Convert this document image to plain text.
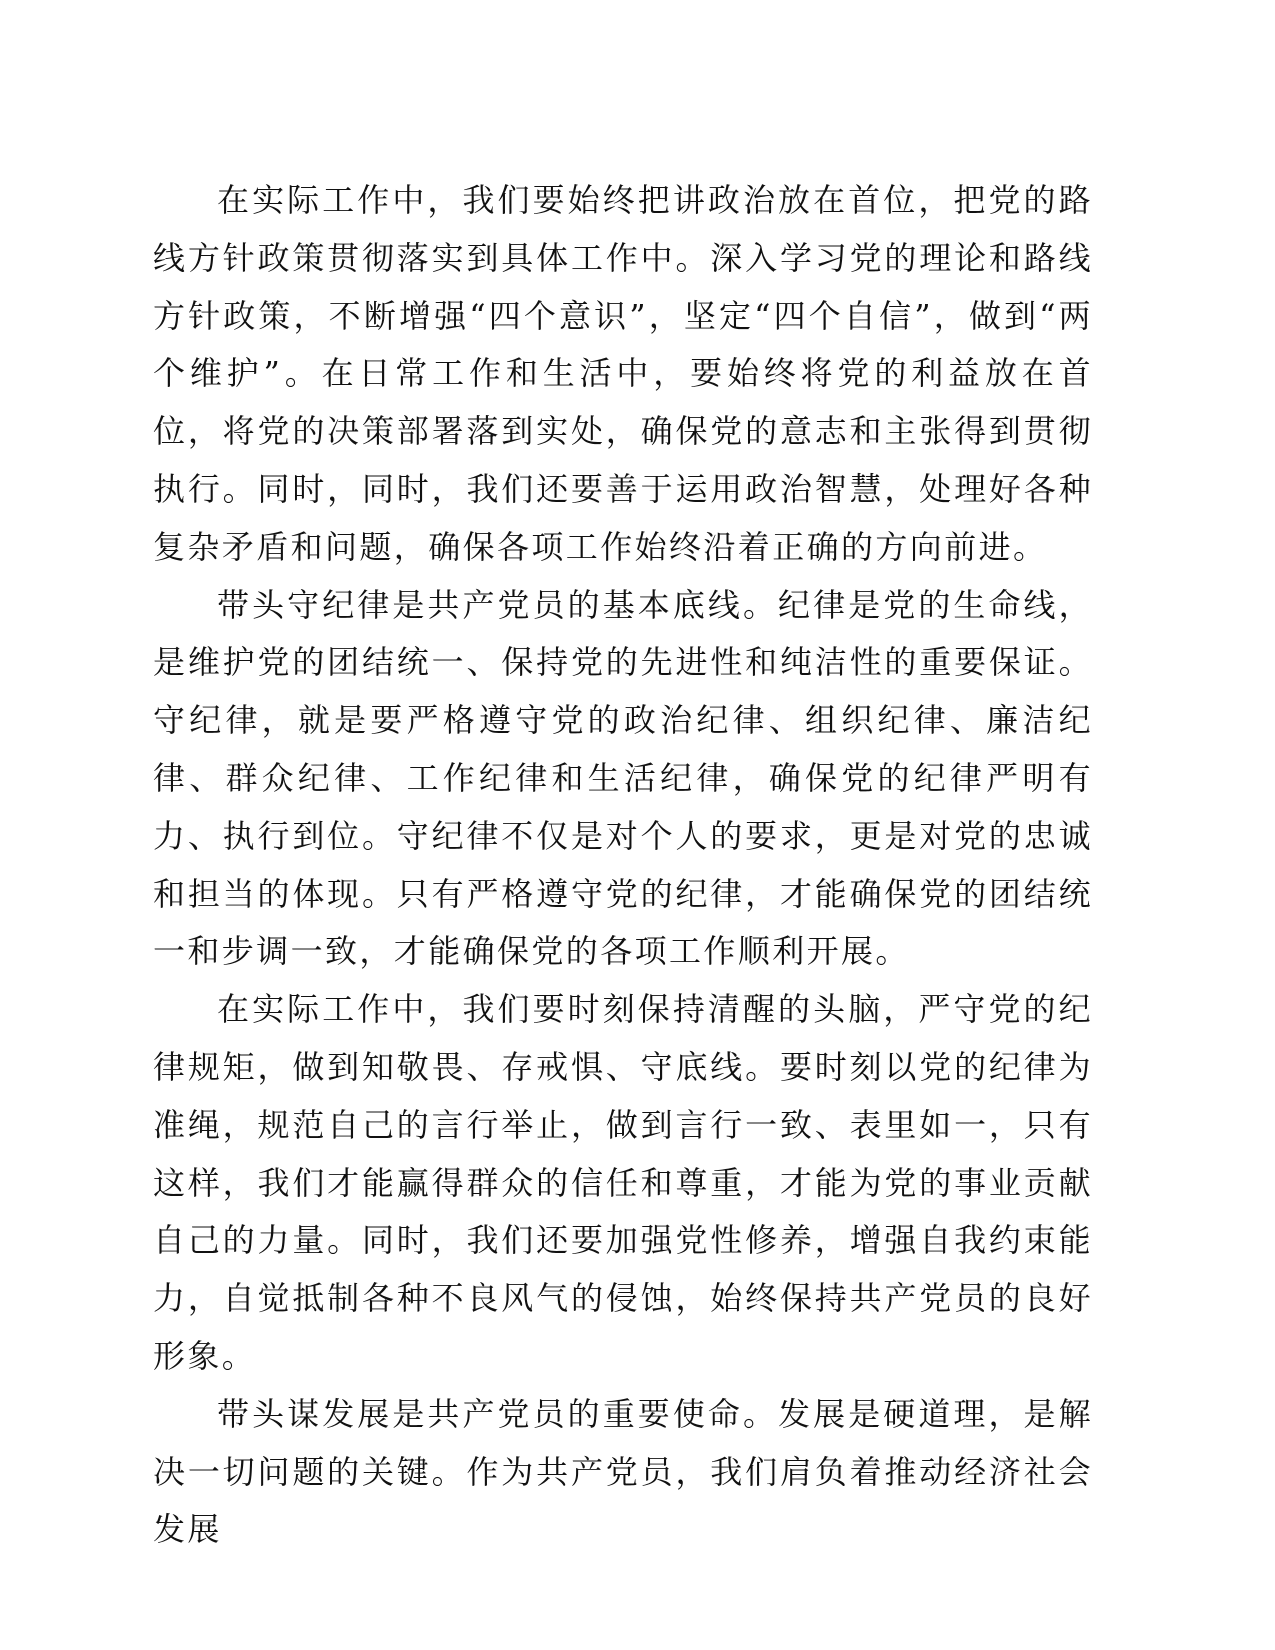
在实际工作中，我们要始终把讲政治放在首位，把党的路线方针政策贯彻落实到具体工作中。深入学习党的理论和路线方针政策，不断增强“四个意识”，坚定“四个自信”，做到“两个维护”。在日常工作和生活中，要始终将党的利益放在首位，将党的决策部署落到实处，确保党的意志和主张得到贯彻执行。同时，同时，我们还要善于运用政治智慧，处理好各种复杂矛盾和问题，确保各项工作始终沿着正确的方向前进。

带头守纪律是共产党员的基本底线。纪律是党的生命线，是维护党的团结统一、保持党的先进性和纯洁性的重要保证。守纪律，就是要严格遵守党的政治纪律、组织纪律、廉洁纪律、群众纪律、工作纪律和生活纪律，确保党的纪律严明有力、执行到位。守纪律不仅是对个人的要求，更是对党的忠诚和担当的体现。只有严格遵守党的纪律，才能确保党的团结统一和步调一致，才能确保党的各项工作顺利开展。

在实际工作中，我们要时刻保持清醒的头脑，严守党的纪律规矩，做到知敬畏、存戒惧、守底线。要时刻以党的纪律为准绳，规范自己的言行举止，做到言行一致、表里如一，只有这样，我们才能赢得群众的信任和尊重，才能为党的事业贡献自己的力量。同时，我们还要加强党性修养，增强自我约束能力，自觉抵制各种不良风气的侵蚀，始终保持共产党员的良好形象。

带头谋发展是共产党员的重要使命。发展是硬道理，是解决一切问题的关键。作为共产党员，我们肩负着推动经济社会发展
